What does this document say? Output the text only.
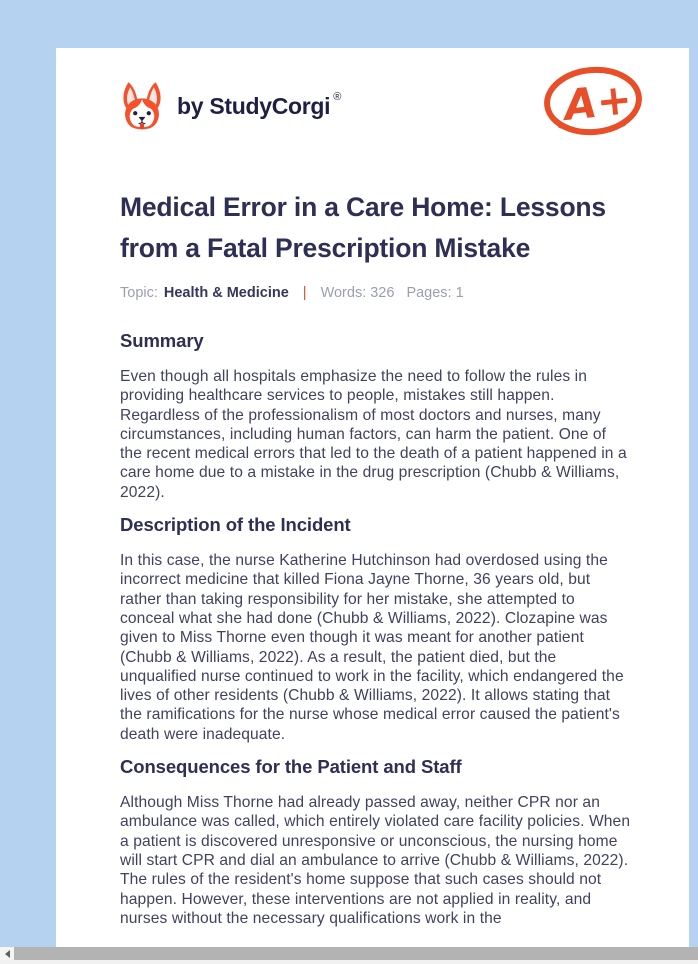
by StudyCorgi ®	A+
Medical Error in a Care Home: Lessons from a Fatal Prescription Mistake
Topic: Health & Medicine | Words: 326 Pages: 1
Summary

Even though all hospitals emphasize the need to follow the rules in providing healthcare services to people, mistakes still happen. Regardless of the professionalism of most doctors and nurses, many circumstances, including human factors, can harm the patient. One of the recent medical errors that led to the death of a patient happened in a care home due to a mistake in the drug prescription (Chubb & Williams, 2022).

Description of the Incident

In this case, the nurse Katherine Hutchinson had overdosed using the incorrect medicine that killed Fiona Jayne Thorne, 36 years old, but rather than taking responsibility for her mistake, she attempted to conceal what she had done (Chubb & Williams, 2022). Clozapine was given to Miss Thorne even though it was meant for another patient (Chubb & Williams, 2022). As a result, the patient died, but the unqualified nurse continued to work in the facility, which endangered the lives of other residents (Chubb & Williams, 2022). It allows stating that the ramifications for the nurse whose medical error caused the patient's death were inadequate.

Consequences for the Patient and Staff

Although Miss Thorne had already passed away, neither CPR nor an ambulance was called, which entirely violated care facility policies. When a patient is discovered unresponsive or unconscious, the nursing home will start CPR and dial an ambulance to arrive (Chubb & Williams, 2022). The rules of the resident's home suppose that such cases should not happen. However, these interventions are not applied in reality, and nurses without the necessary qualifications work in the
